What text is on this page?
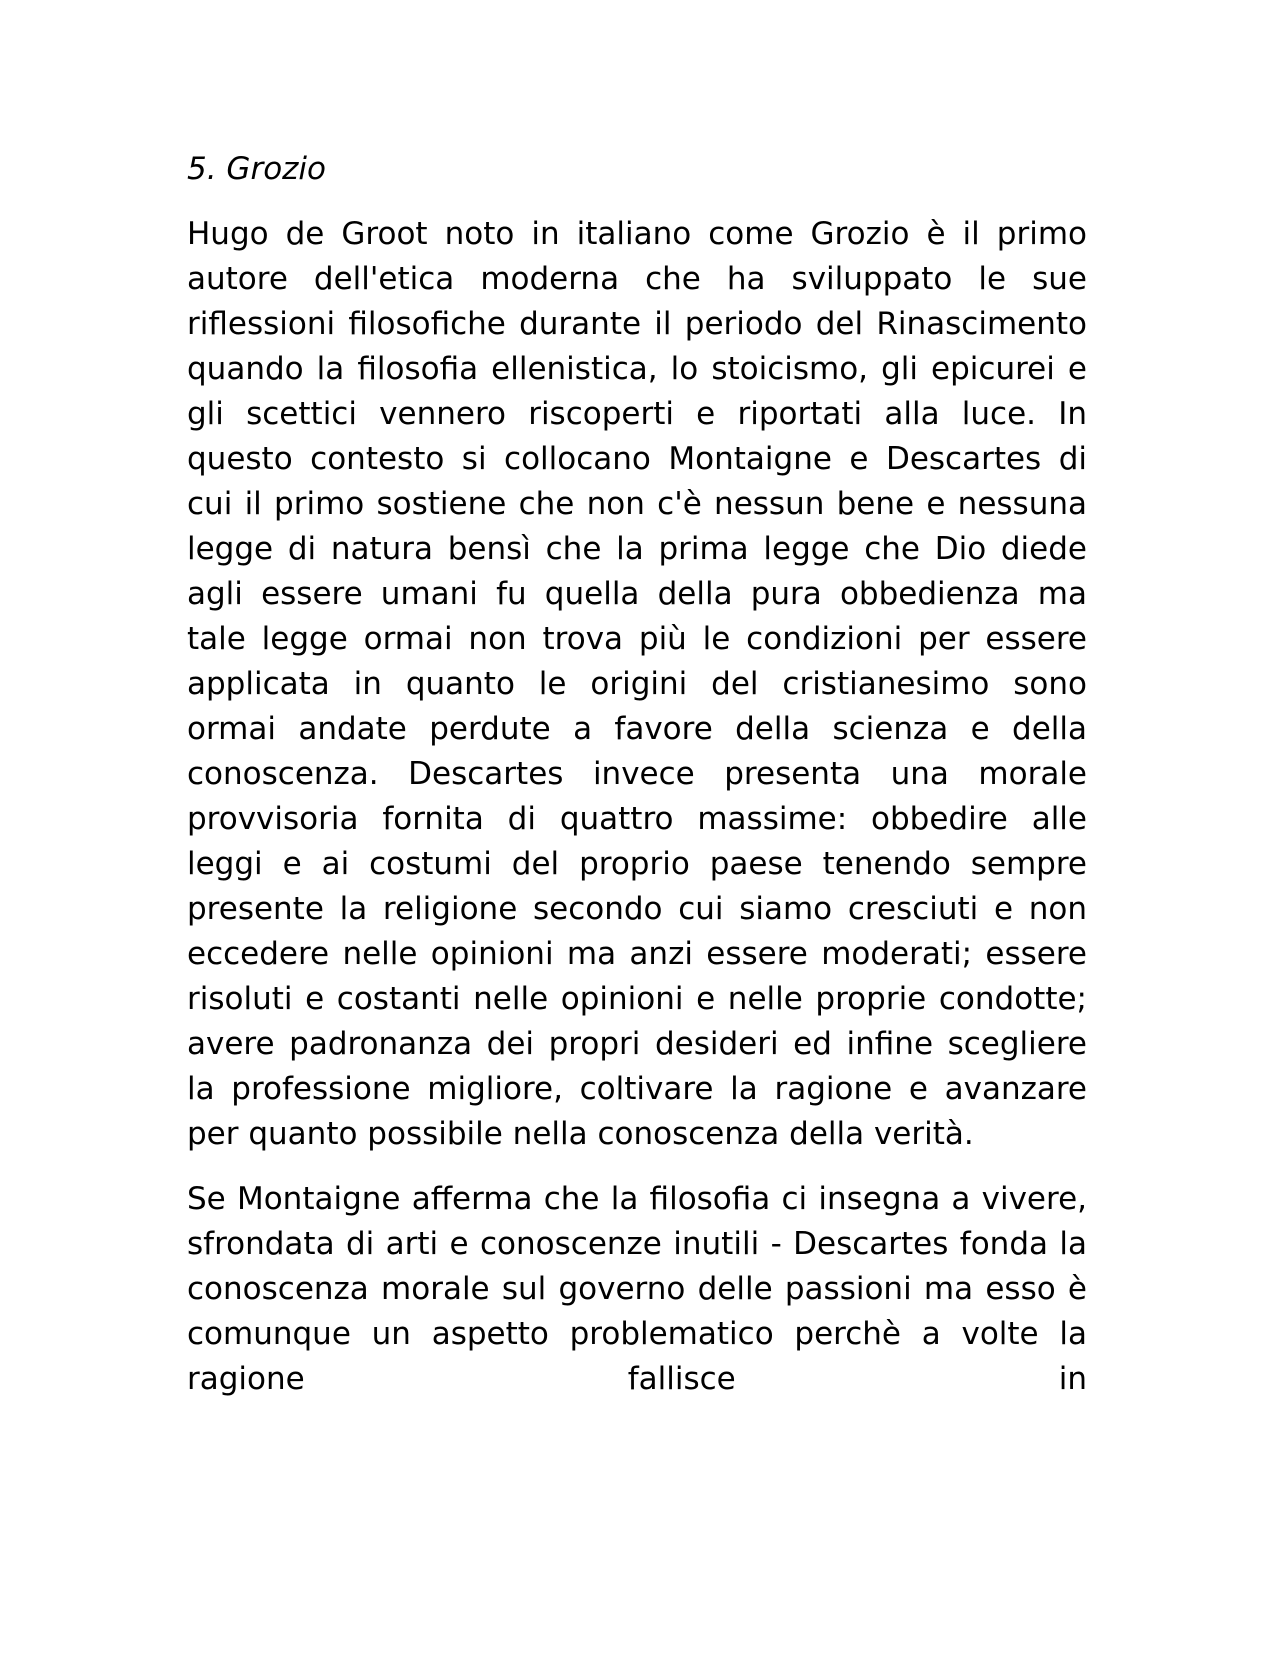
5. Grozio

Hugo de Groot noto in italiano come Grozio è il primo autore dell'etica moderna che ha sviluppato le sue riflessioni filosofiche durante il periodo del Rinascimento quando la filosofia ellenistica, lo stoicismo, gli epicurei e gli scettici vennero riscoperti e riportati alla luce. In questo contesto si collocano Montaigne e Descartes di cui il primo sostiene che non c'è nessun bene e nessuna legge di natura bensì che la prima legge che Dio diede agli essere umani fu quella della pura obbedienza ma tale legge ormai non trova più le condizioni per essere applicata in quanto le origini del cristianesimo sono ormai andate perdute a favore della scienza e della conoscenza. Descartes invece presenta una morale provvisoria fornita di quattro massime: obbedire alle leggi e ai costumi del proprio paese tenendo sempre presente la religione secondo cui siamo cresciuti e non eccedere nelle opinioni ma anzi essere moderati; essere risoluti e costanti nelle opinioni e nelle proprie condotte; avere padronanza dei propri desideri ed infine scegliere la professione migliore, coltivare la ragione e avanzare per quanto possibile nella conoscenza della verità.

Se Montaigne afferma che la filosofia ci insegna a vivere, sfrondata di arti e conoscenze inutili - Descartes fonda la conoscenza morale sul governo delle passioni ma esso è comunque un aspetto problematico perchè a volte la ragione fallisce in
